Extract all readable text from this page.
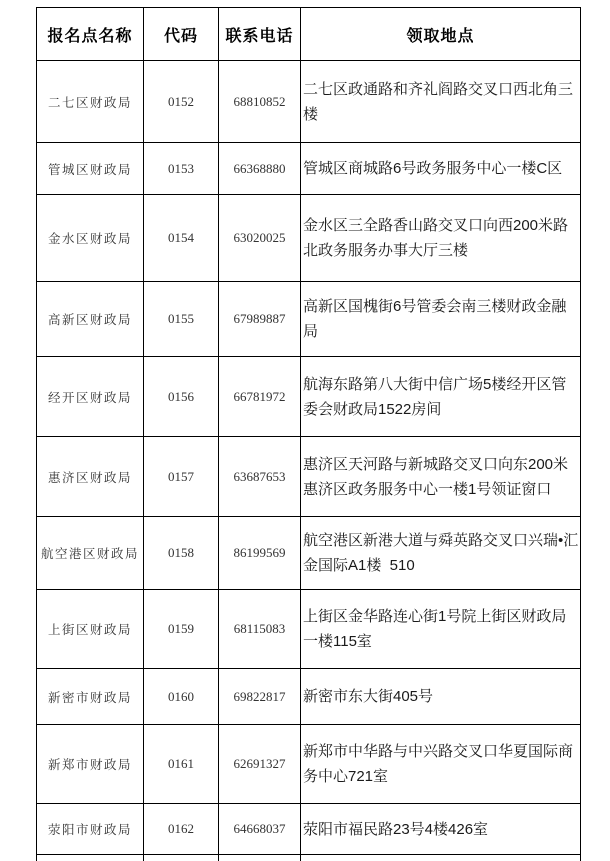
报名点名称	代码	联系电话	领取地点
二七区财政局	0152	68810852	二七区政通路和齐礼阎路交叉口西北角三楼
管城区财政局	0153	66368880	管城区商城路6号政务服务中心一楼C区
金水区财政局	0154	63020025	金水区三全路香山路交叉口向西200米路北政务服务办事大厅三楼
高新区财政局	0155	67989887	高新区国槐街6号管委会南三楼财政金融局
经开区财政局	0156	66781972	航海东路第八大街中信广场5楼经开区管委会财政局1522房间
惠济区财政局	0157	63687653	惠济区天河路与新城路交叉口向东200米惠济区政务服务中心一楼1号领证窗口
航空港区财政局	0158	86199569	航空港区新港大道与舜英路交叉口兴瑞•汇金国际A1楼  510
上街区财政局	0159	68115083	上街区金华路连心街1号院上街区财政局一楼115室
新密市财政局	0160	69822817	新密市东大街405号
新郑市财政局	0161	62691327	新郑市中华路与中兴路交叉口华夏国际商务中心721室
荥阳市财政局	0162	64668037	荥阳市福民路23号4楼426室
